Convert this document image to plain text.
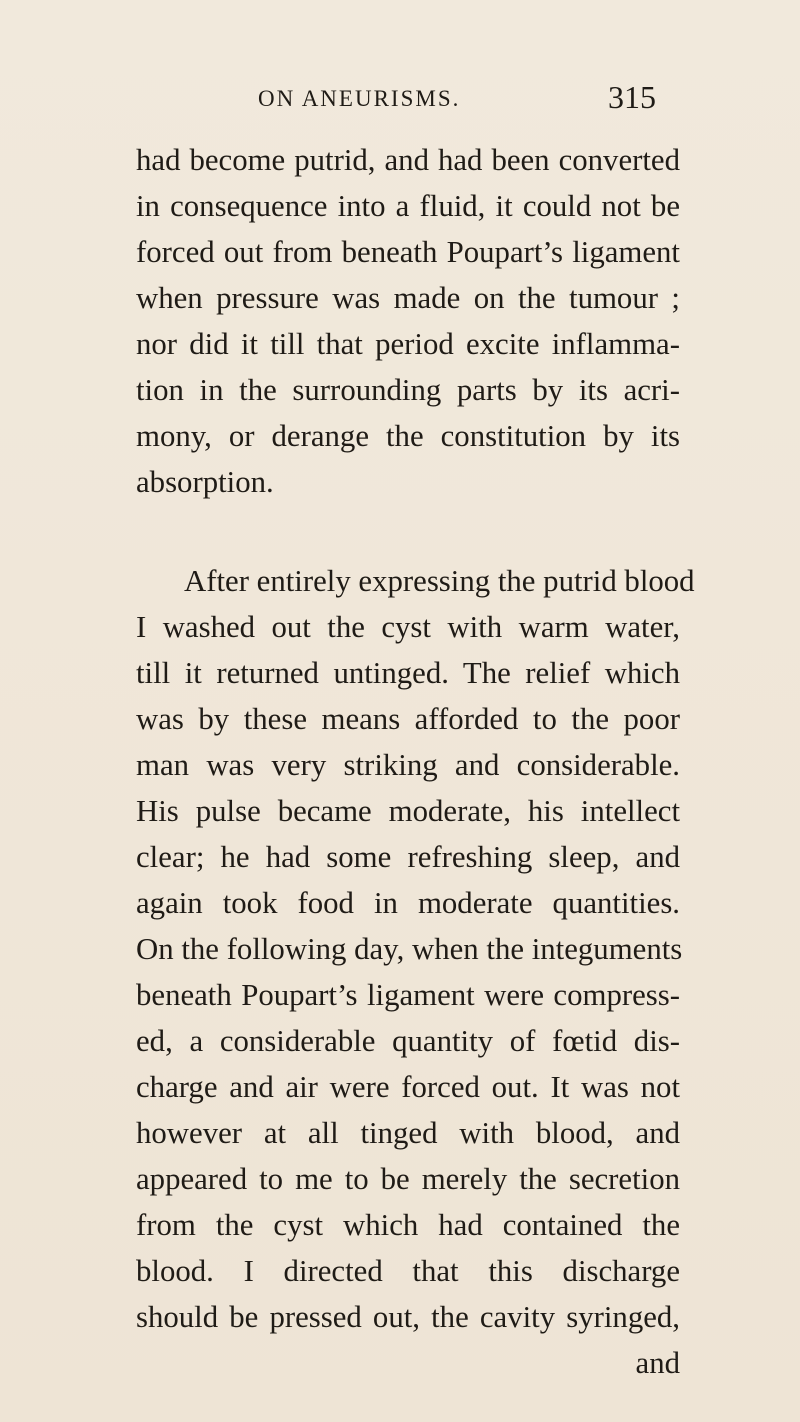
ON ANEURISMS.	315
had become putrid, and had been converted
in consequence into a fluid, it could not be
forced out from beneath Poupart’s ligament
when pressure was made on the tumour ;
nor did it till that period excite inflamma-
tion in the surrounding parts by its acri-
mony, or derange the constitution by its
absorption.
After entirely expressing the putrid blood
I washed out the cyst with warm water,
till it returned untinged. The relief which
was by these means afforded to the poor
man was very striking and considerable.
His pulse became moderate, his intellect
clear; he had some refreshing sleep, and
again took food in moderate quantities.
On the following day, when the integuments
beneath Poupart’s ligament were compress-
ed, a considerable quantity of fœtid dis-
charge and air were forced out. It was not
however at all tinged with blood, and
appeared to me to be merely the secretion
from the cyst which had contained the
blood. I directed that this discharge
should be pressed out, the cavity syringed,
and
